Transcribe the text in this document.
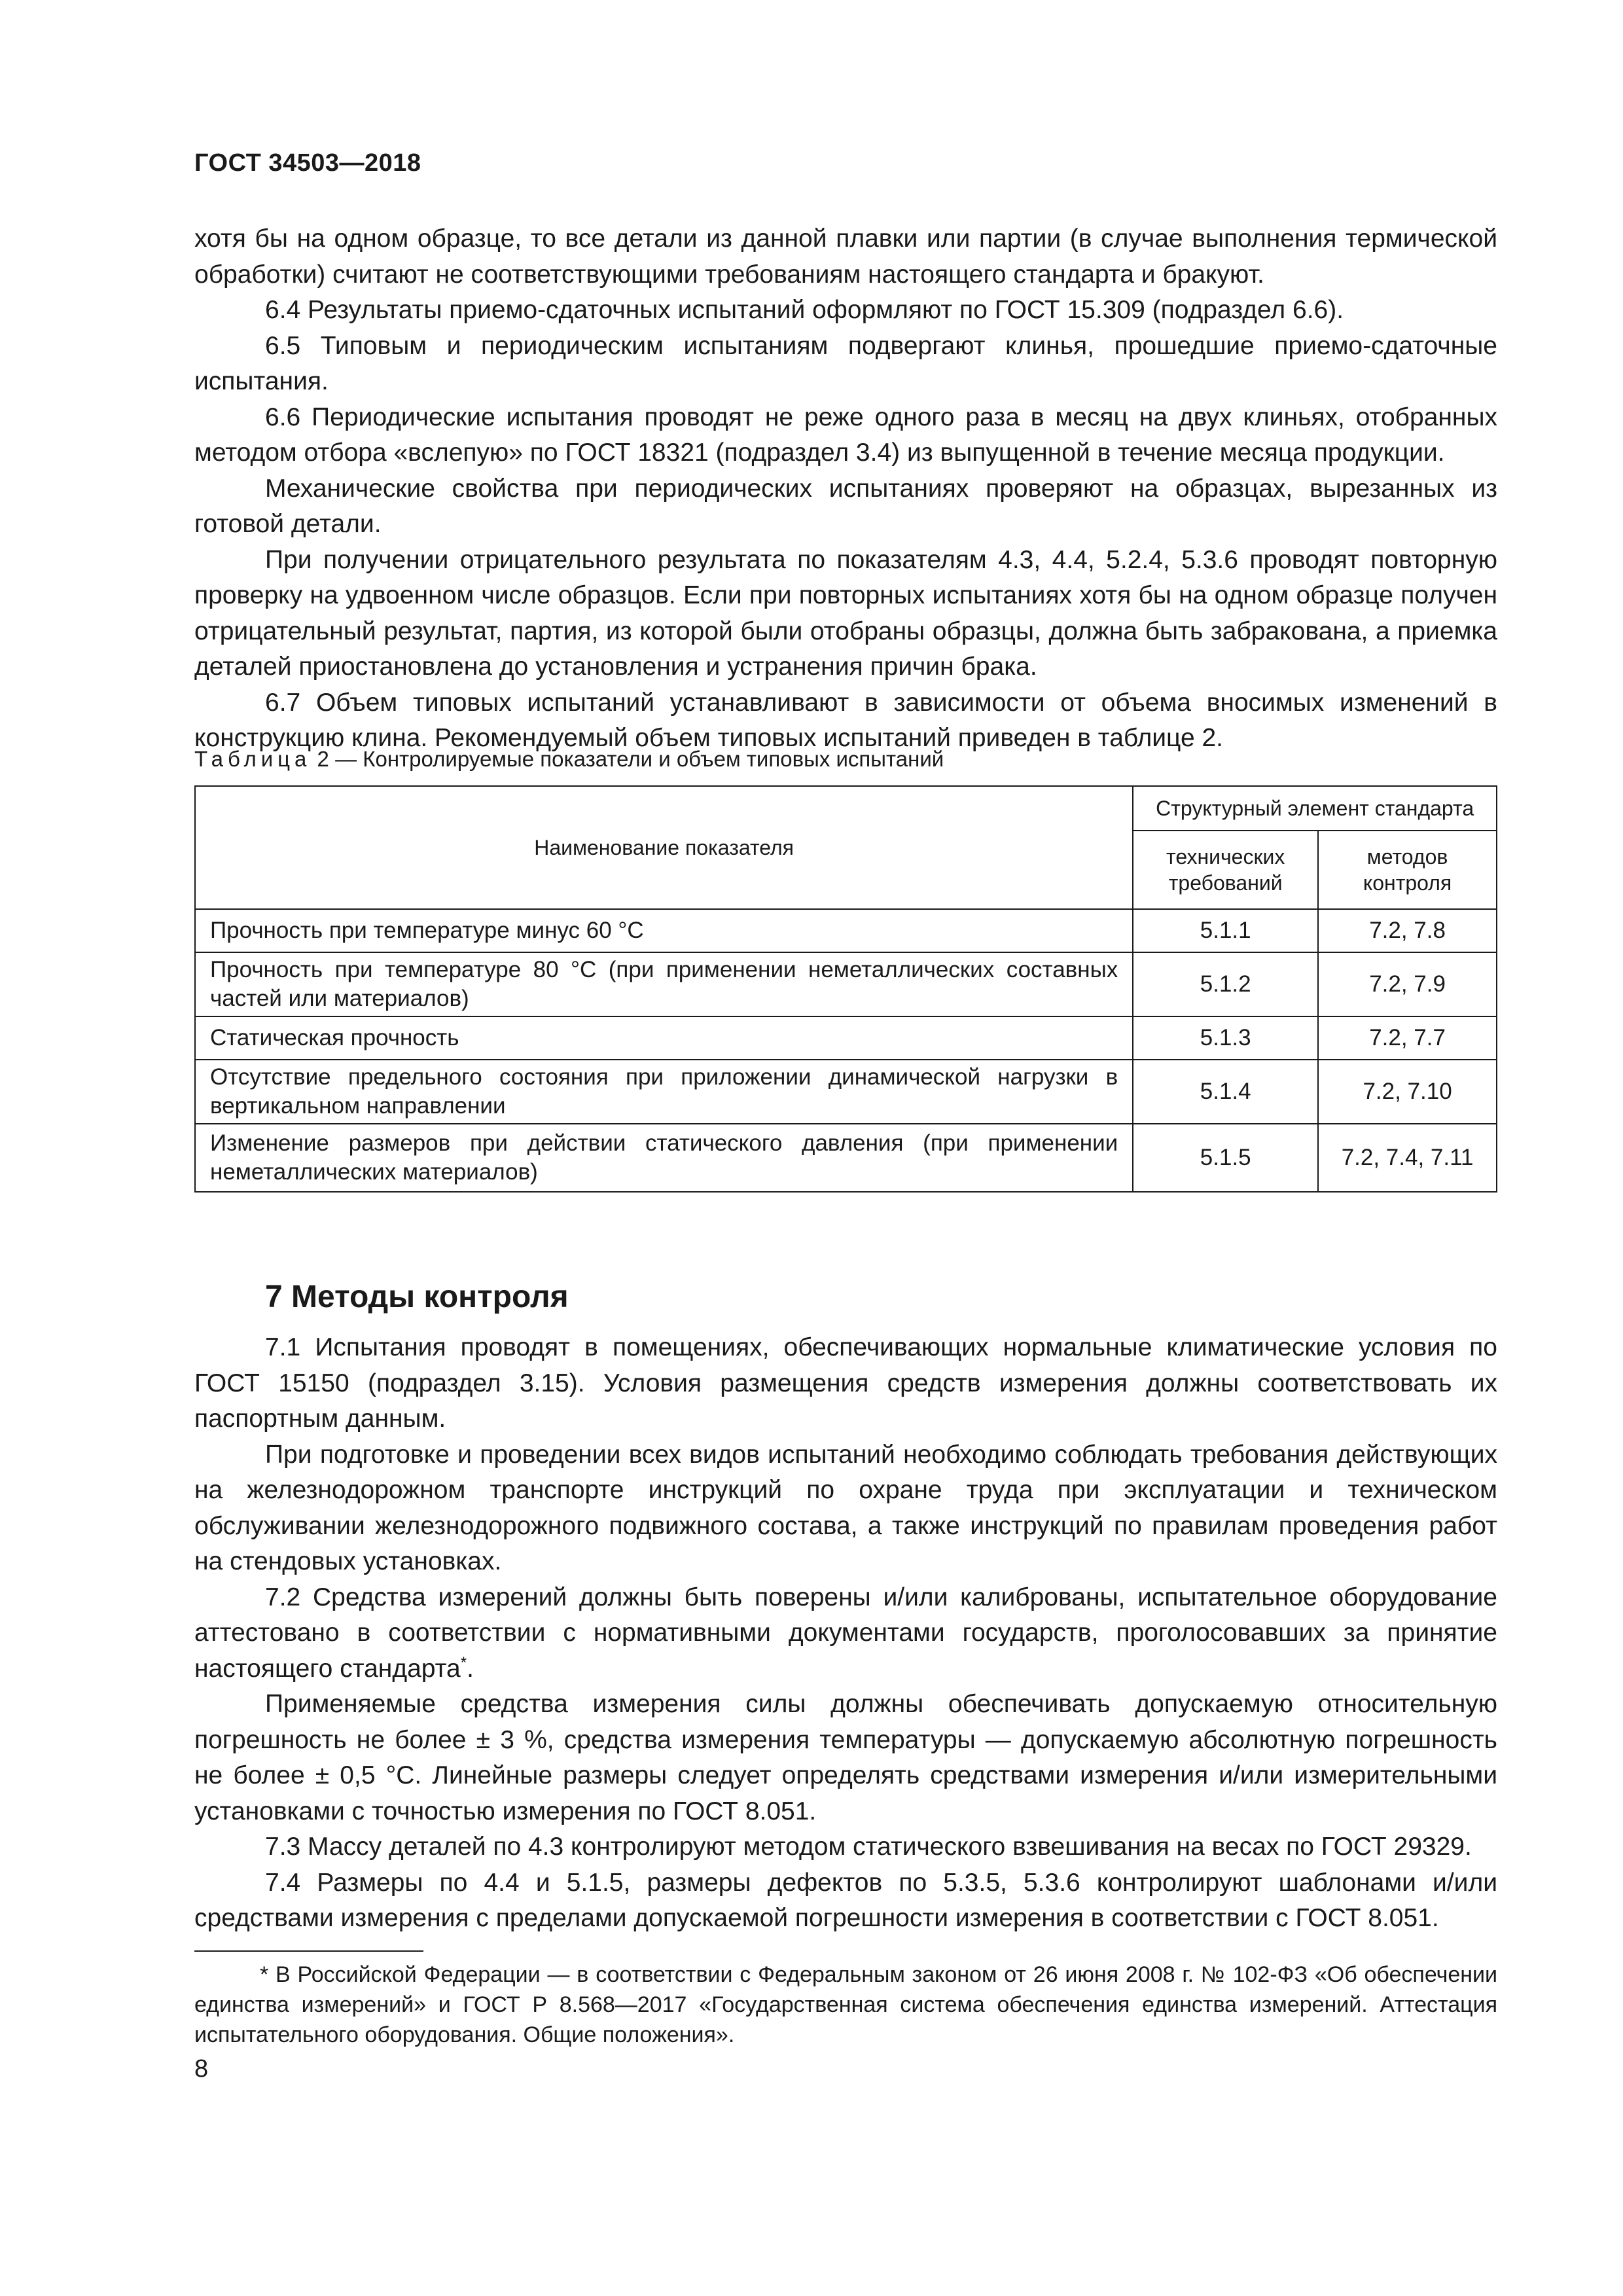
ГОСТ 34503—2018

хотя бы на одном образце, то все детали из данной плавки или партии (в случае выполнения термической обработки) считают не соответствующими требованиям настоящего стандарта и бракуют.

6.4 Результаты приемо-сдаточных испытаний оформляют по ГОСТ 15.309 (подраздел 6.6).

6.5 Типовым и периодическим испытаниям подвергают клинья, прошедшие приемо-сдаточные испытания.

6.6 Периодические испытания проводят не реже одного раза в месяц на двух клиньях, отобранных методом отбора «вслепую» по ГОСТ 18321 (подраздел 3.4) из выпущенной в течение месяца продукции.

Механические свойства при периодических испытаниях проверяют на образцах, вырезанных из готовой детали.

При получении отрицательного результата по показателям 4.3, 4.4, 5.2.4, 5.3.6 проводят повторную проверку на удвоенном числе образцов. Если при повторных испытаниях хотя бы на одном образце получен отрицательный результат, партия, из которой были отобраны образцы, должна быть забракована, а приемка деталей приостановлена до установления и устранения причин брака.

6.7 Объем типовых испытаний устанавливают в зависимости от объема вносимых изменений в конструкцию клина. Рекомендуемый объем типовых испытаний приведен в таблице 2.

Таблица 2 — Контролируемые показатели и объем типовых испытаний

Наименование показателя	Структурный элемент стандарта	
	технических требований	методов контроля
Прочность при температуре минус 60 °С	5.1.1	7.2, 7.8
Прочность при температуре 80 °С (при применении неметаллических составных частей или материалов)	5.1.2	7.2, 7.9
Статическая прочность	5.1.3	7.2, 7.7
Отсутствие предельного состояния при приложении динамической нагрузки в вертикальном направлении	5.1.4	7.2, 7.10
Изменение размеров при действии статического давления (при применении неметаллических материалов)	5.1.5	7.2, 7.4, 7.11

7 Методы контроля

7.1 Испытания проводят в помещениях, обеспечивающих нормальные климатические условия по ГОСТ 15150 (подраздел 3.15). Условия размещения средств измерения должны соответствовать их паспортным данным.

При подготовке и проведении всех видов испытаний необходимо соблюдать требования действующих на железнодорожном транспорте инструкций по охране труда при эксплуатации и техническом обслуживании железнодорожного подвижного состава, а также инструкций по правилам проведения работ на стендовых установках.

7.2 Средства измерений должны быть поверены и/или калиброваны, испытательное оборудование аттестовано в соответствии с нормативными документами государств, проголосовавших за принятие настоящего стандарта*.

Применяемые средства измерения силы должны обеспечивать допускаемую относительную погрешность не более ± 3 %, средства измерения температуры — допускаемую абсолютную погрешность не более ± 0,5 °С. Линейные размеры следует определять средствами измерения и/или измерительными установками с точностью измерения по ГОСТ 8.051.

7.3 Массу деталей по 4.3 контролируют методом статического взвешивания на весах по ГОСТ 29329.

7.4 Размеры по 4.4 и 5.1.5, размеры дефектов по 5.3.5, 5.3.6 контролируют шаблонами и/или средствами измерения с пределами допускаемой погрешности измерения в соответствии с ГОСТ 8.051.

* В Российской Федерации — в соответствии с Федеральным законом от 26 июня 2008 г. № 102-ФЗ «Об обеспечении единства измерений» и ГОСТ Р 8.568—2017 «Государственная система обеспечения единства измерений. Аттестация испытательного оборудования. Общие положения».

8
